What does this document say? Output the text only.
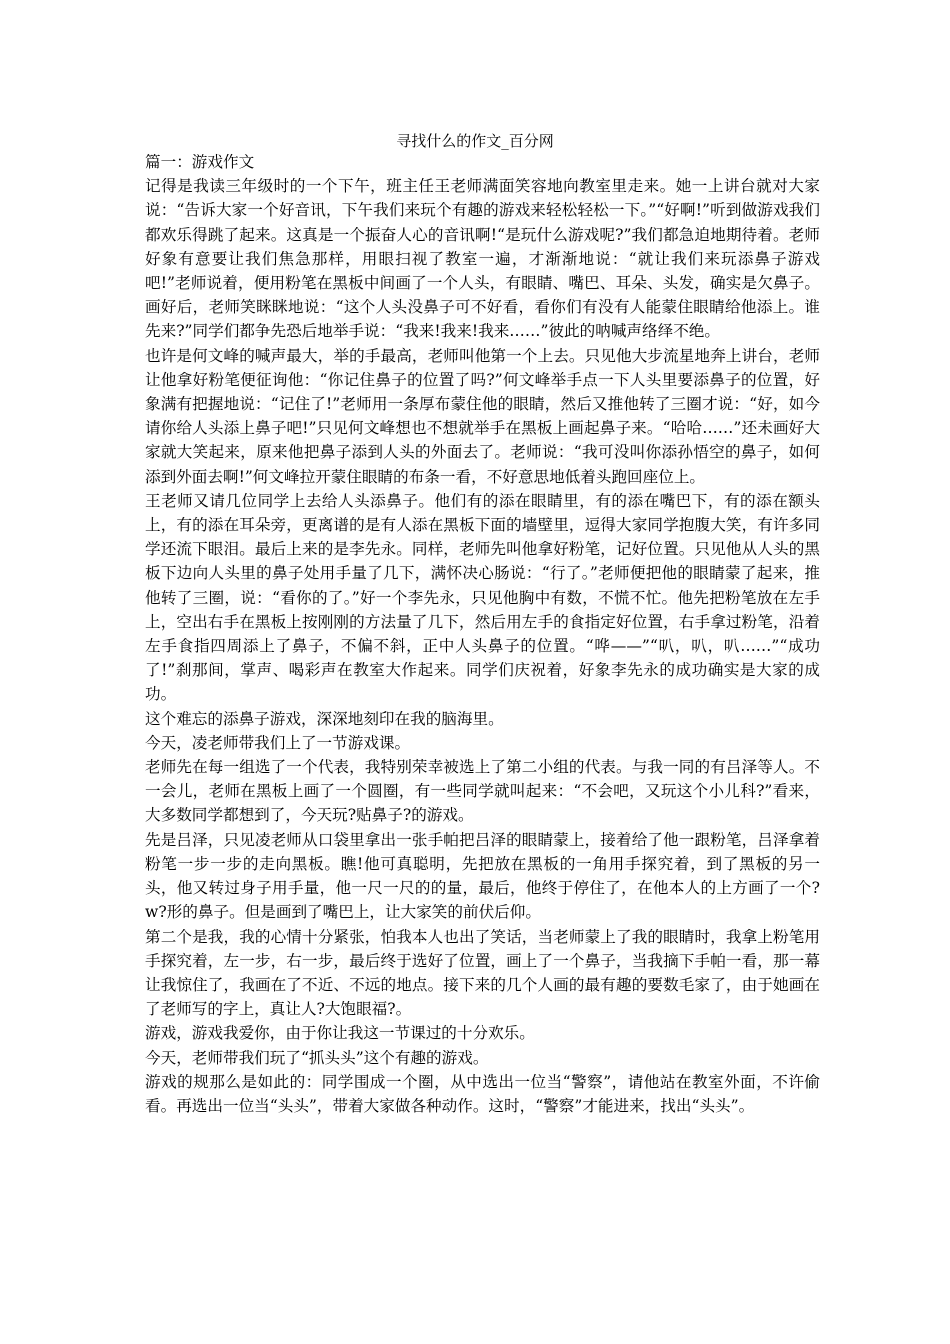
寻找什么的作文_百分网

篇一：游戏作文

记得是我读三年级时的一个下午，班主任王老师满面笑容地向教室里走来。她一上讲台就对大家说：“告诉大家一个好音讯，下午我们来玩个有趣的游戏来轻松轻松一下。”“好啊!”听到做游戏我们都欢乐得跳了起来。这真是一个振奋人心的音讯啊!“是玩什么游戏呢?”我们都急迫地期待着。老师好象有意要让我们焦急那样，用眼扫视了教室一遍，才渐渐地说：“就让我们来玩添鼻子游戏吧!”老师说着，便用粉笔在黑板中间画了一个人头，有眼睛、嘴巴、耳朵、头发，确实是欠鼻子。画好后，老师笑眯眯地说：“这个人头没鼻子可不好看，看你们有没有人能蒙住眼睛给他添上。谁先来?”同学们都争先恐后地举手说：“我来!我来!我来……”彼此的呐喊声络绎不绝。

也许是何文峰的喊声最大，举的手最高，老师叫他第一个上去。只见他大步流星地奔上讲台，老师让他拿好粉笔便征询他：“你记住鼻子的位置了吗?”何文峰举手点一下人头里要添鼻子的位置，好象满有把握地说：“记住了!”老师用一条厚布蒙住他的眼睛，然后又推他转了三圈才说：“好，如今请你给人头添上鼻子吧!”只见何文峰想也不想就举手在黑板上画起鼻子来。“哈哈……”还未画好大家就大笑起来，原来他把鼻子添到人头的外面去了。老师说：“我可没叫你添孙悟空的鼻子，如何添到外面去啊!”何文峰拉开蒙住眼睛的布条一看，不好意思地低着头跑回座位上。

王老师又请几位同学上去给人头添鼻子。他们有的添在眼睛里，有的添在嘴巴下，有的添在额头上，有的添在耳朵旁，更离谱的是有人添在黑板下面的墙壁里，逗得大家同学抱腹大笑，有许多同学还流下眼泪。最后上来的是李先永。同样，老师先叫他拿好粉笔，记好位置。只见他从人头的黑板下边向人头里的鼻子处用手量了几下，满怀决心肠说：“行了。”老师便把他的眼睛蒙了起来，推他转了三圈，说：“看你的了。”好一个李先永，只见他胸中有数，不慌不忙。他先把粉笔放在左手上，空出右手在黑板上按刚刚的方法量了几下，然后用左手的食指定好位置，右手拿过粉笔，沿着左手食指四周添上了鼻子，不偏不斜，正中人头鼻子的位置。“哗——”“叭，叭，叭……”“成功了!”刹那间，掌声、喝彩声在教室大作起来。同学们庆祝着，好象李先永的成功确实是大家的成功。

这个难忘的添鼻子游戏，深深地刻印在我的脑海里。

今天，凌老师带我们上了一节游戏课。

老师先在每一组选了一个代表，我特别荣幸被选上了第二小组的代表。与我一同的有吕泽等人。不一会儿，老师在黑板上画了一个圆圈，有一些同学就叫起来：“不会吧，又玩这个小儿科?”看来，大多数同学都想到了，今天玩?贴鼻子?的游戏。

先是吕泽，只见凌老师从口袋里拿出一张手帕把吕泽的眼睛蒙上，接着给了他一跟粉笔，吕泽拿着粉笔一步一步的走向黑板。瞧!他可真聪明，先把放在黑板的一角用手探究着，到了黑板的另一头，他又转过身子用手量，他一尺一尺的的量，最后，他终于停住了，在他本人的上方画了一个?w?形的鼻子。但是画到了嘴巴上，让大家笑的前伏后仰。

第二个是我，我的心情十分紧张，怕我本人也出了笑话，当老师蒙上了我的眼睛时，我拿上粉笔用手探究着，左一步，右一步，最后终于选好了位置，画上了一个鼻子，当我摘下手帕一看，那一幕让我惊住了，我画在了不近、不远的地点。接下来的几个人画的最有趣的要数毛家了，由于她画在了老师写的字上，真让人?大饱眼福?。

游戏，游戏我爱你，由于你让我这一节课过的十分欢乐。

今天，老师带我们玩了“抓头头”这个有趣的游戏。

游戏的规那么是如此的：同学围成一个圈，从中选出一位当“警察”，请他站在教室外面，不许偷看。再选出一位当“头头”，带着大家做各种动作。这时，“警察”才能进来，找出“头头”。
